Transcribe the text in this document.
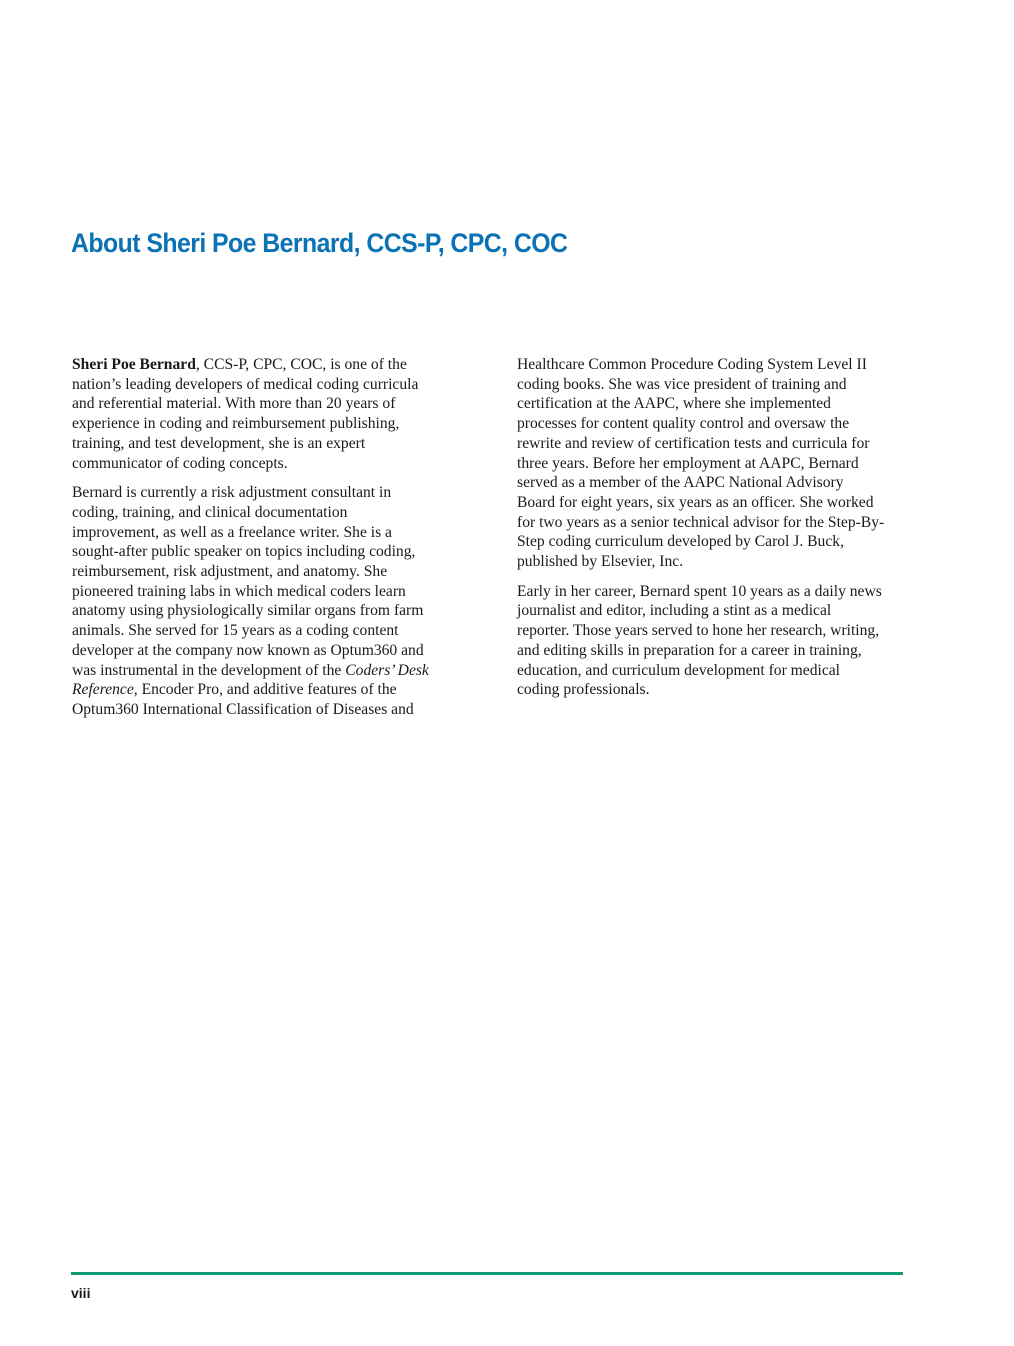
About Sheri Poe Bernard, CCS-P, CPC, COC

Sheri Poe Bernard, CCS-P, CPC, COC, is one of the
nation’s leading developers of medical coding curricula
and referential material. With more than 20 years of
experience in coding and reimbursement publishing,
training, and test development, she is an expert
communicator of coding concepts.

Bernard is currently a risk adjustment consultant in
coding, training, and clinical documentation
improvement, as well as a freelance writer. She is a
sought-after public speaker on topics including coding,
reimbursement, risk adjustment, and anatomy. She
pioneered training labs in which medical coders learn
anatomy using physiologically similar organs from farm
animals. She served for 15 years as a coding content
developer at the company now known as Optum360 and
was instrumental in the development of the Coders’ Desk
Reference, Encoder Pro, and additive features of the
Optum360 International Classification of Diseases and

Healthcare Common Procedure Coding System Level II
coding books. She was vice president of training and
certification at the AAPC, where she implemented
processes for content quality control and oversaw the
rewrite and review of certification tests and curricula for
three years. Before her employment at AAPC, Bernard
served as a member of the AAPC National Advisory
Board for eight years, six years as an officer. She worked
for two years as a senior technical advisor for the Step-By-
Step coding curriculum developed by Carol J. Buck,
published by Elsevier, Inc.

Early in her career, Bernard spent 10 years as a daily news
journalist and editor, including a stint as a medical
reporter. Those years served to hone her research, writing,
and editing skills in preparation for a career in training,
education, and curriculum development for medical
coding professionals.

viii
